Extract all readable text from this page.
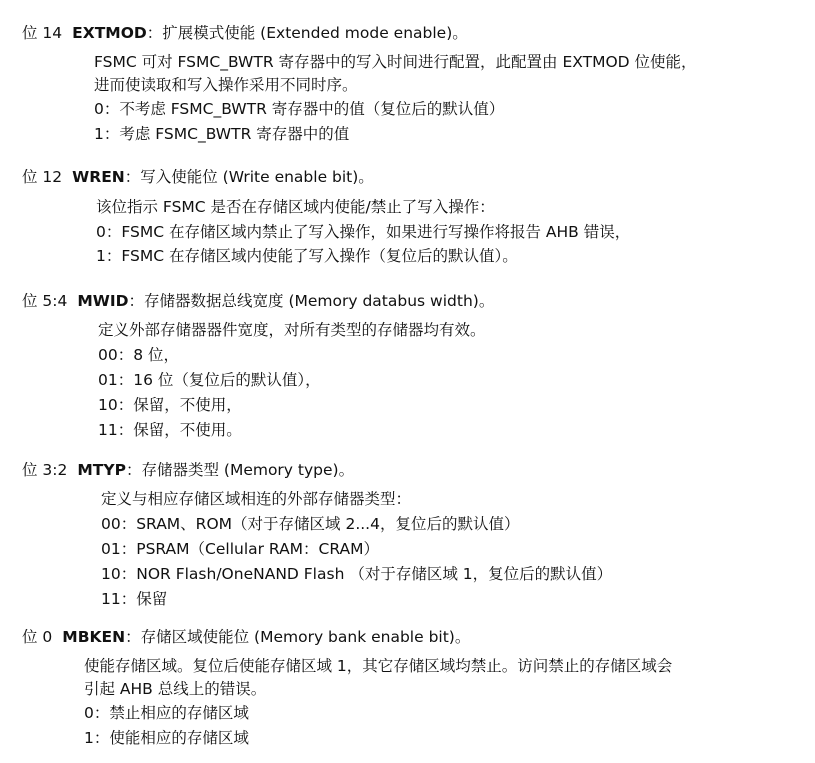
位 14 EXTMOD：扩展模式使能 (Extended mode enable)。
FSMC 可对 FSMC_BWTR 寄存器中的写入时间进行配置，此配置由 EXTMOD 位使能，
进而使读取和写入操作采用不同时序。
0：不考虑 FSMC_BWTR 寄存器中的值（复位后的默认值）
1：考虑 FSMC_BWTR 寄存器中的值
位 12 WREN：写入使能位 (Write enable bit)。
该位指示 FSMC 是否在存储区域内使能/禁止了写入操作：
0：FSMC 在存储区域内禁止了写入操作，如果进行写操作将报告 AHB 错误，
1：FSMC 在存储区域内使能了写入操作（复位后的默认值）。
位 5:4 MWID：存储器数据总线宽度 (Memory databus width)。
定义外部存储器器件宽度，对所有类型的存储器均有效。
00：8 位，
01：16 位（复位后的默认值），
10：保留，不使用，
11：保留，不使用。
位 3:2 MTYP：存储器类型 (Memory type)。
定义与相应存储区域相连的外部存储器类型：
00：SRAM、ROM（对于存储区域 2...4，复位后的默认值）
01：PSRAM（Cellular RAM：CRAM）
10：NOR Flash/OneNAND Flash （对于存储区域 1，复位后的默认值）
11：保留
位 0 MBKEN：存储区域使能位 (Memory bank enable bit)。
使能存储区域。复位后使能存储区域 1，其它存储区域均禁止。访问禁止的存储区域会
引起 AHB 总线上的错误。
0：禁止相应的存储区域
1：使能相应的存储区域
